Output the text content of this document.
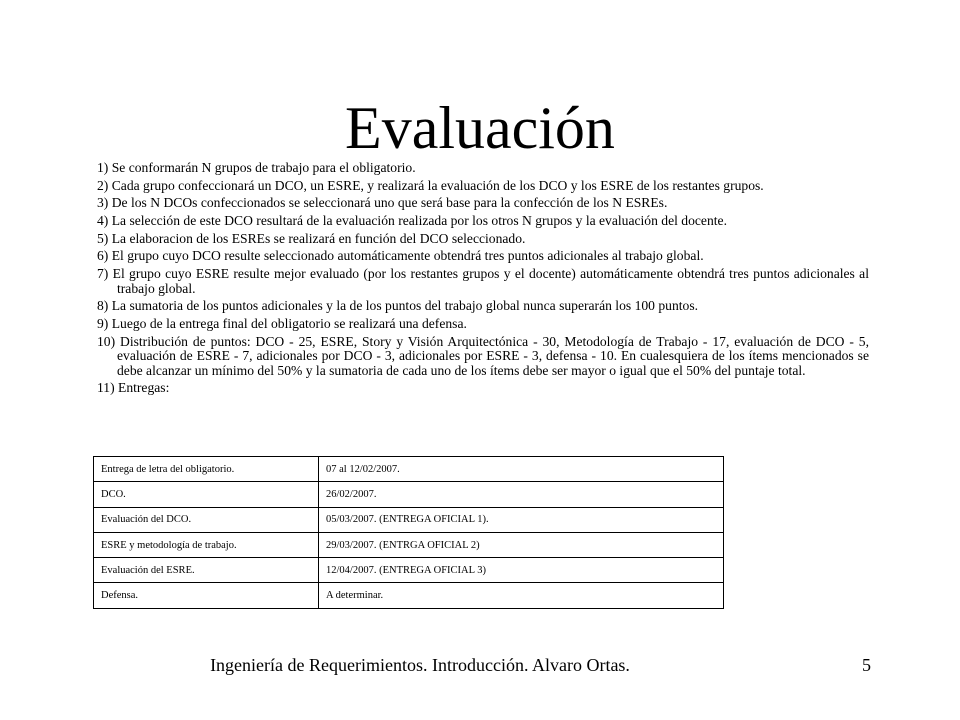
Evaluación
1) Se conformarán N grupos de trabajo para el obligatorio.
2) Cada grupo confeccionará un DCO, un ESRE, y realizará la evaluación de los DCO y los ESRE de los restantes grupos.
3) De los N DCOs confeccionados se seleccionará uno que será base para la confección de los N ESREs.
4) La selección de este DCO resultará de la evaluación realizada por los otros N grupos y la evaluación del docente.
5) La elaboracion de los ESREs se realizará en función del DCO seleccionado.
6) El grupo cuyo DCO resulte seleccionado automáticamente obtendrá tres puntos adicionales al trabajo global.
7) El grupo cuyo ESRE resulte mejor evaluado (por los restantes grupos y el docente) automáticamente obtendrá tres puntos adicionales al trabajo global.
8) La sumatoria de los puntos adicionales y la de los puntos del trabajo global nunca superarán los 100 puntos.
9) Luego de la entrega final del obligatorio se realizará una defensa.
10) Distribución de puntos: DCO - 25, ESRE, Story y Visión Arquitectónica - 30, Metodología de Trabajo - 17, evaluación de DCO - 5, evaluación de ESRE - 7, adicionales por DCO - 3, adicionales por ESRE - 3, defensa - 10. En cualesquiera de los ítems mencionados se debe alcanzar un mínimo del 50% y la sumatoria de cada uno de los ítems debe ser mayor o igual que el 50% del puntaje total.
11) Entregas:
Entrega de letra del obligatorio.	07 al 12/02/2007.
DCO.	26/02/2007.
Evaluación del DCO.	05/03/2007. (ENTREGA OFICIAL 1).
ESRE y metodología de trabajo.	29/03/2007. (ENTRGA OFICIAL 2)
Evaluación del ESRE.	12/04/2007. (ENTREGA OFICIAL 3)
Defensa.	A determinar.
Ingeniería de Requerimientos. Introducción. Alvaro Ortas.	5
